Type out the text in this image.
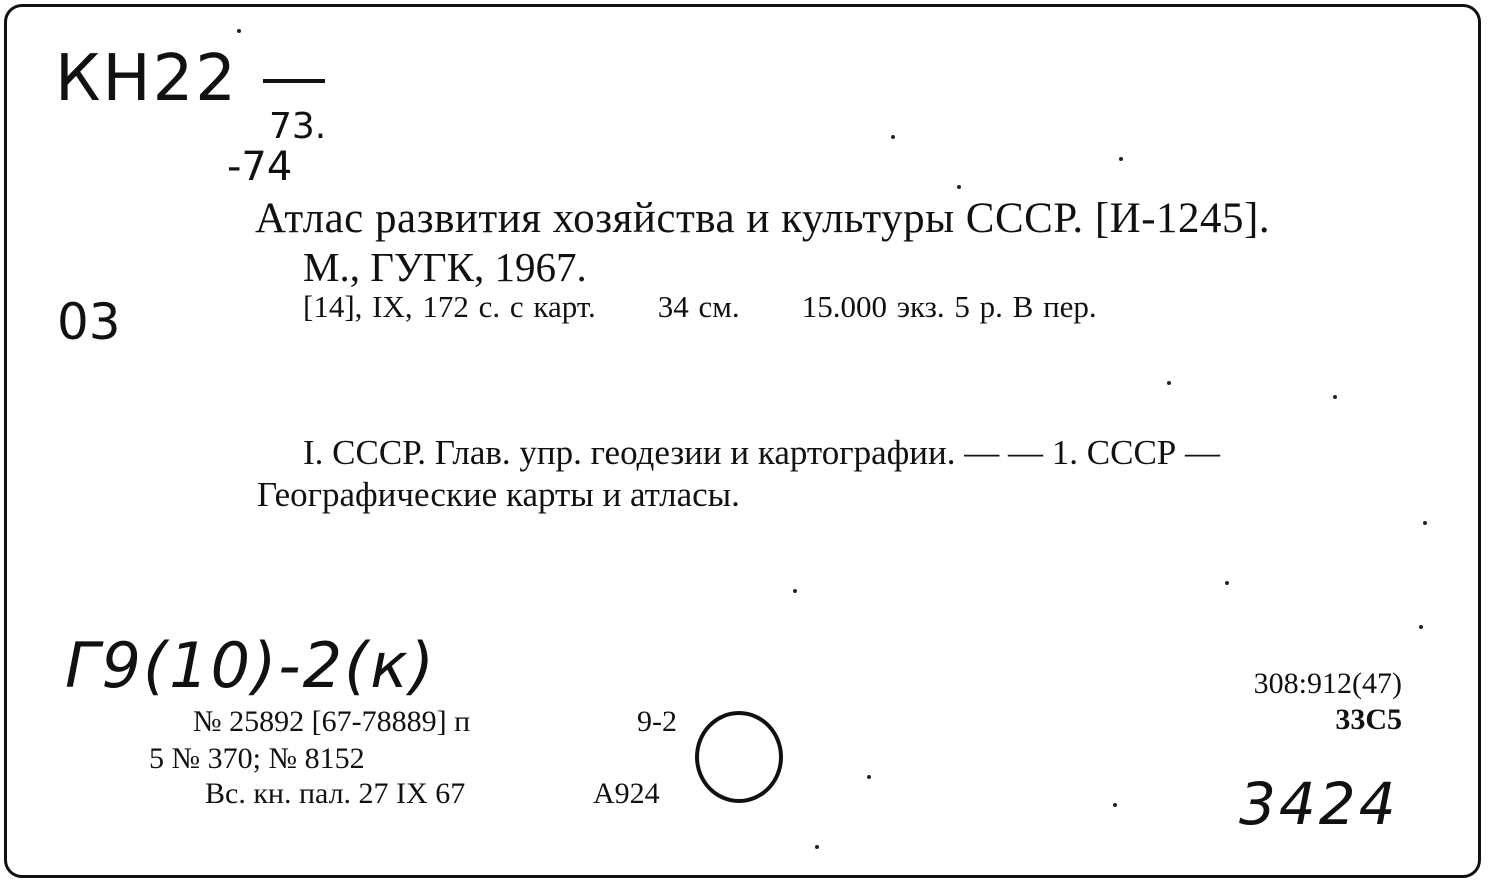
КН22
73.
-74
03
Г9(10)-2(к)
3424
Атлас развития хозяйства и культуры СССР. [И-1245].
М., ГУГК, 1967.
[14], IX, 172 с. с карт. 34 см. 15.000 экз. 5 р. В пер.
I. СССР. Глав. упр. геодезии и картографии. — — 1. СССР —
Географические карты и атласы.
№ 25892 [67-78889] п	9-2
5 № 370; № 8152
Вс. кн. пал. 27 IX 67	А924
308:912(47)
33С5
